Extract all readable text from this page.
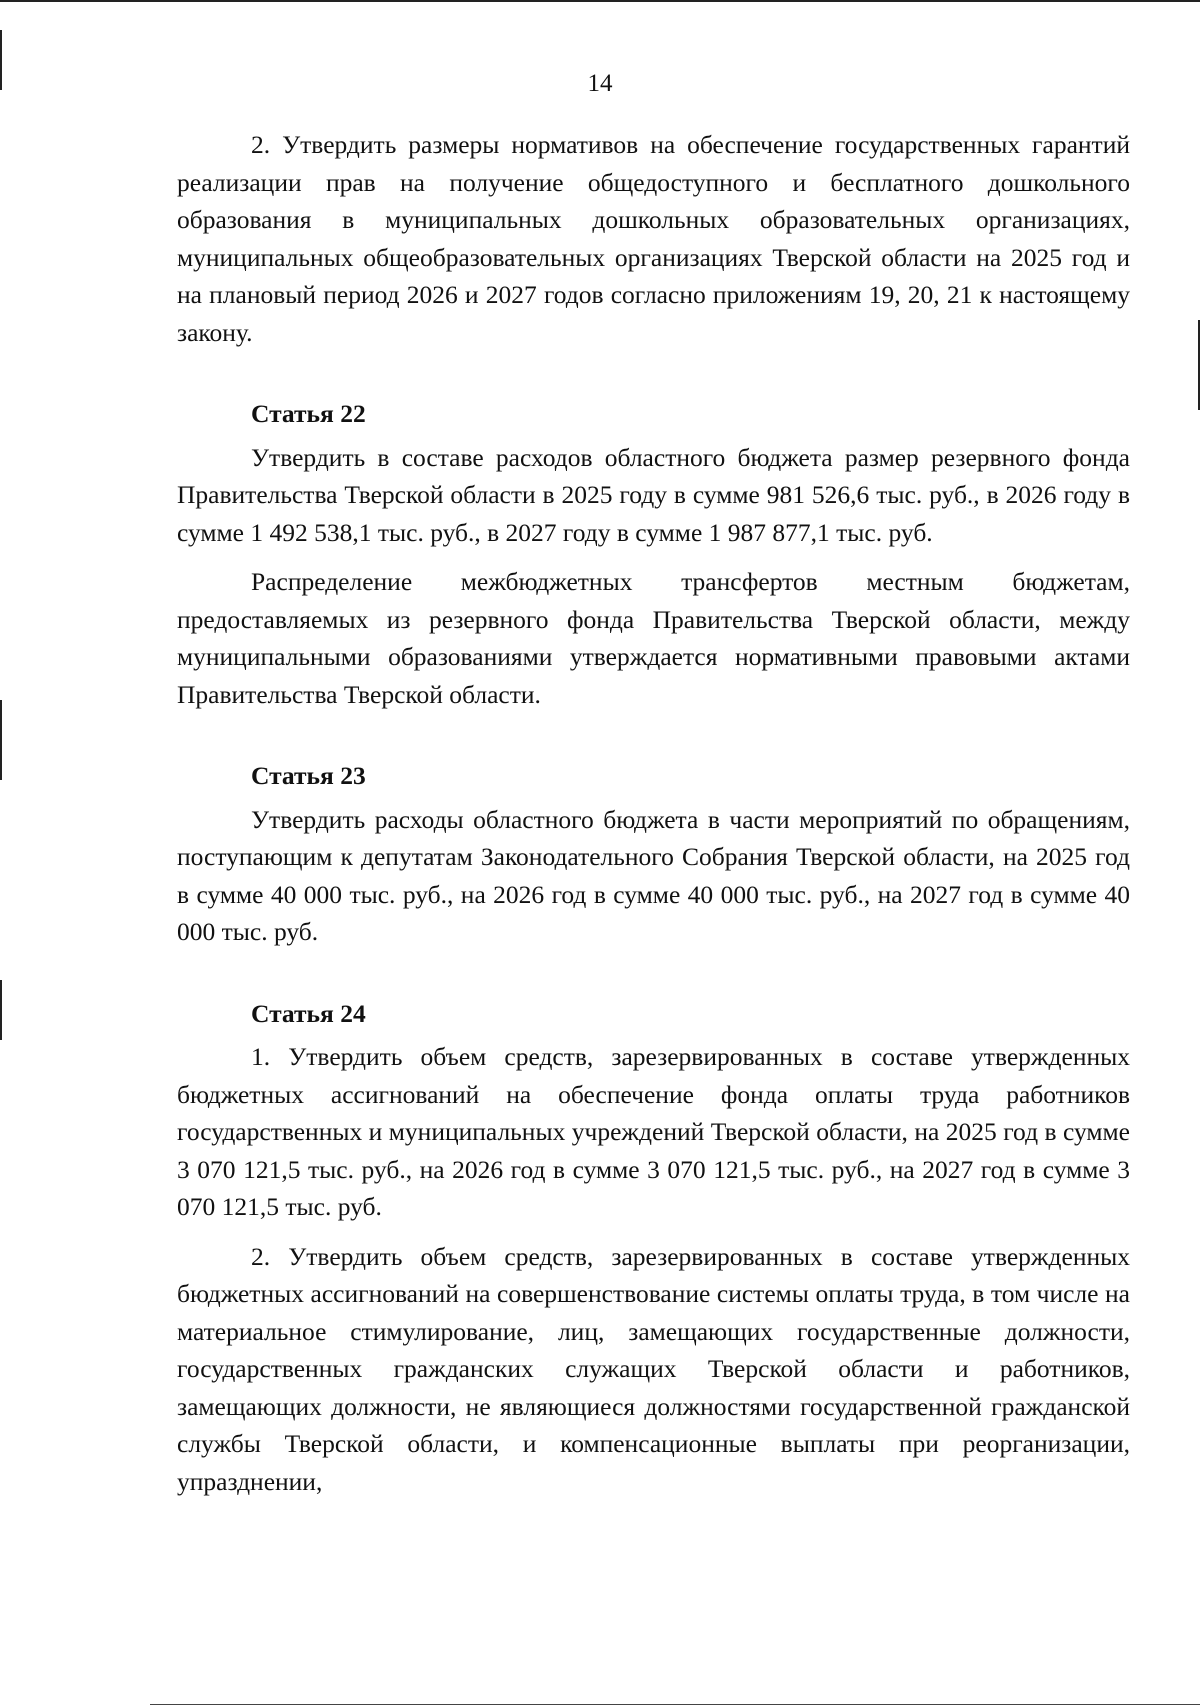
14

2. Утвердить размеры нормативов на обеспечение государственных гарантий реализации прав на получение общедоступного и бесплатного дошкольного образования в муниципальных дошкольных образовательных организациях, муниципальных общеобразовательных организациях Тверской области на 2025 год и на плановый период 2026 и 2027 годов согласно приложениям 19, 20, 21 к настоящему закону.

Статья 22

Утвердить в составе расходов областного бюджета размер резервного фонда Правительства Тверской области в 2025 году в сумме 981 526,6 тыс. руб., в 2026 году в сумме 1 492 538,1 тыс. руб., в 2027 году в сумме 1 987 877,1 тыс. руб.

Распределение межбюджетных трансфертов местным бюджетам, предоставляемых из резервного фонда Правительства Тверской области, между муниципальными образованиями утверждается нормативными правовыми актами Правительства Тверской области.

Статья 23

Утвердить расходы областного бюджета в части мероприятий по обращениям, поступающим к депутатам Законодательного Собрания Тверской области, на 2025 год в сумме 40 000 тыс. руб., на 2026 год в сумме 40 000 тыс. руб., на 2027 год в сумме 40 000 тыс. руб.

Статья 24

1. Утвердить объем средств, зарезервированных в составе утвержденных бюджетных ассигнований на обеспечение фонда оплаты труда работников государственных и муниципальных учреждений Тверской области, на 2025 год в сумме 3 070 121,5 тыс. руб., на 2026 год в сумме 3 070 121,5 тыс. руб., на 2027 год в сумме 3 070 121,5 тыс. руб.

2. Утвердить объем средств, зарезервированных в составе утвержденных бюджетных ассигнований на совершенствование системы оплаты труда, в том числе на материальное стимулирование, лиц, замещающих государственные должности, государственных гражданских служащих Тверской области и работников, замещающих должности, не являющиеся должностями государственной гражданской службы Тверской области, и компенсационные выплаты при реорганизации, упразднении,
